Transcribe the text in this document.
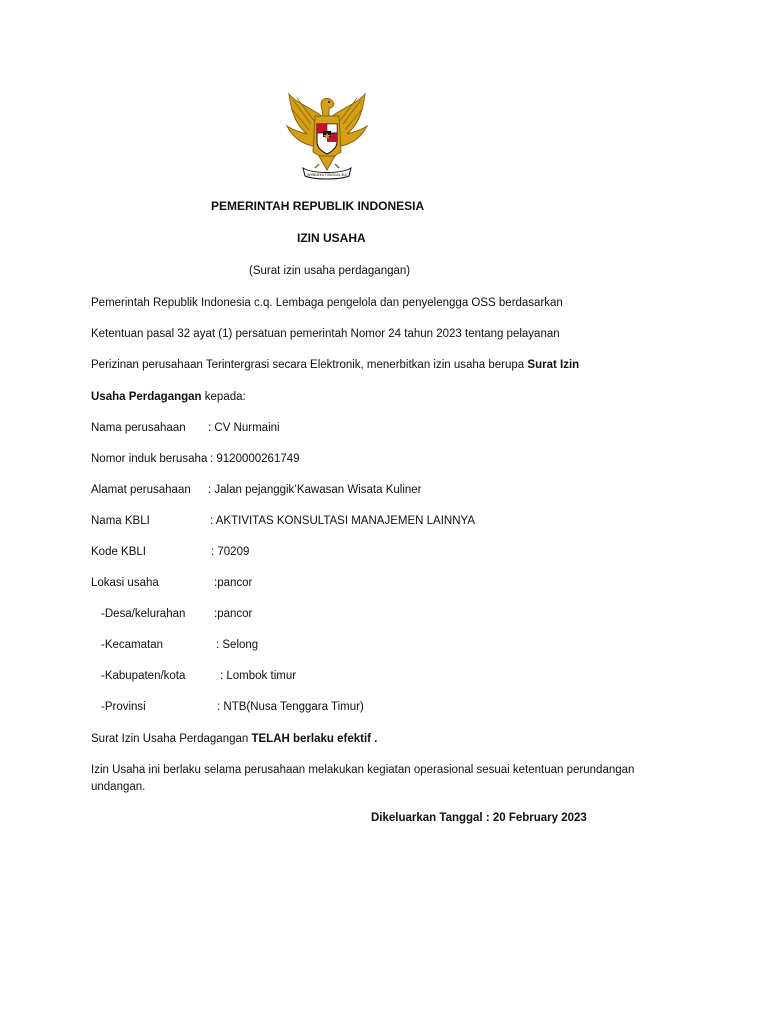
BHINNEKA TUNGGAL IKA
PEMERINTAH REPUBLIK INDONESIA
IZIN USAHA
(Surat izin usaha perdagangan)
Pemerintah Republik Indonesia c.q. Lembaga pengelola dan penyelengga OSS berdasarkan
Ketentuan pasal 32 ayat (1) persatuan pemerintah Nomor 24 tahun 2023 tentang pelayanan
Perizinan perusahaan Terintergrasi secara Elektronik, menerbitkan izin usaha berupa Surat Izin
Usaha Perdagangan kepada:
Nama perusahaan : CV Nurmaini
Nomor induk berusaha : 9120000261749
Alamat perusahaan : Jalan pejanggik’Kawasan Wisata Kuliner
Nama KBLI	: AKTIVITAS KONSULTASI MANAJEMEN LAINNYA
Kode KBLI	: 70209
Lokasi usaha	:pancor
-Desa/kelurahan :pancor
-Kecamatan	: Selong
-Kabupaten/kota	: Lombok timur
-Provinsi	: NTB(Nusa Tenggara Timur)
Surat Izin Usaha Perdagangan TELAH berlaku efektif .
Izin Usaha ini berlaku selama perusahaan melakukan kegiatan operasional sesuai ketentuan perundangan
undangan.
Dikeluarkan Tanggal : 20 February 2023
